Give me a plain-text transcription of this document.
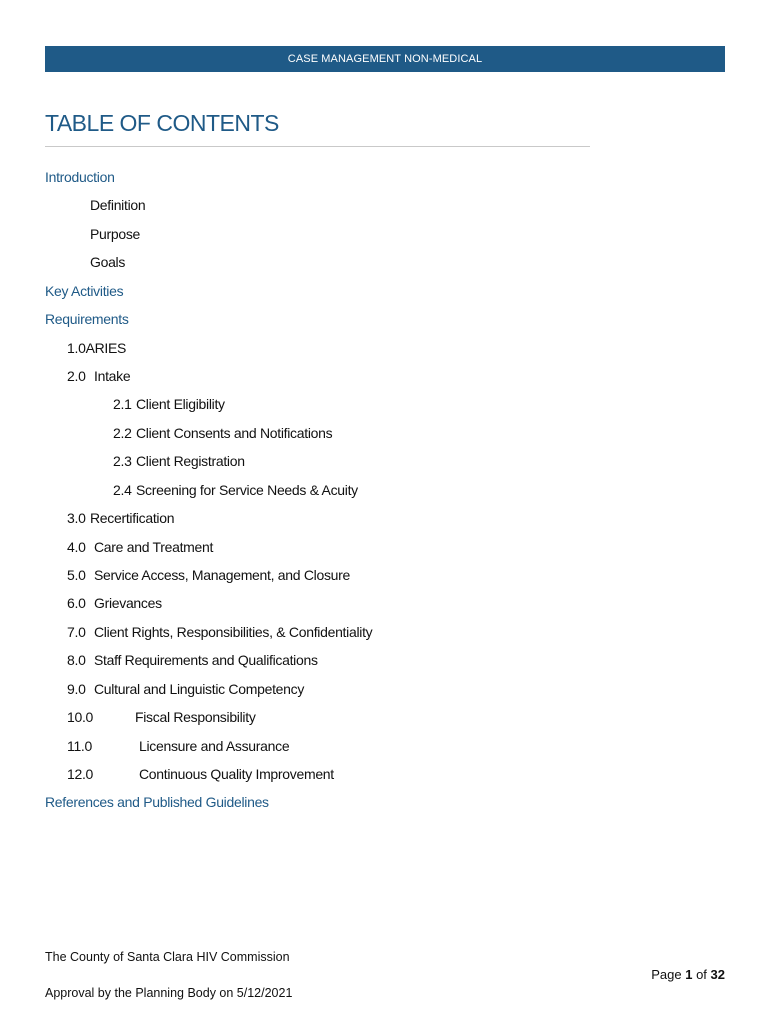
CASE MANAGEMENT NON-MEDICAL
TABLE OF CONTENTS
Introduction
Definition
Purpose
Goals
Key Activities
Requirements
1.0ARIES
2.0 Intake
2.1 Client Eligibility
2.2 Client Consents and Notifications
2.3 Client Registration
2.4 Screening for Service Needs & Acuity
3.0 Recertification
4.0 Care and Treatment
5.0 Service Access, Management, and Closure
6.0 Grievances
7.0 Client Rights, Responsibilities, & Confidentiality
8.0 Staff Requirements and Qualifications
9.0 Cultural and Linguistic Competency
10.0	Fiscal Responsibility
11.0	Licensure and Assurance
12.0	Continuous Quality Improvement
References and Published Guidelines
The County of Santa Clara HIV Commission
Approval by the Planning Body on 5/12/2021
Page 1 of 32
